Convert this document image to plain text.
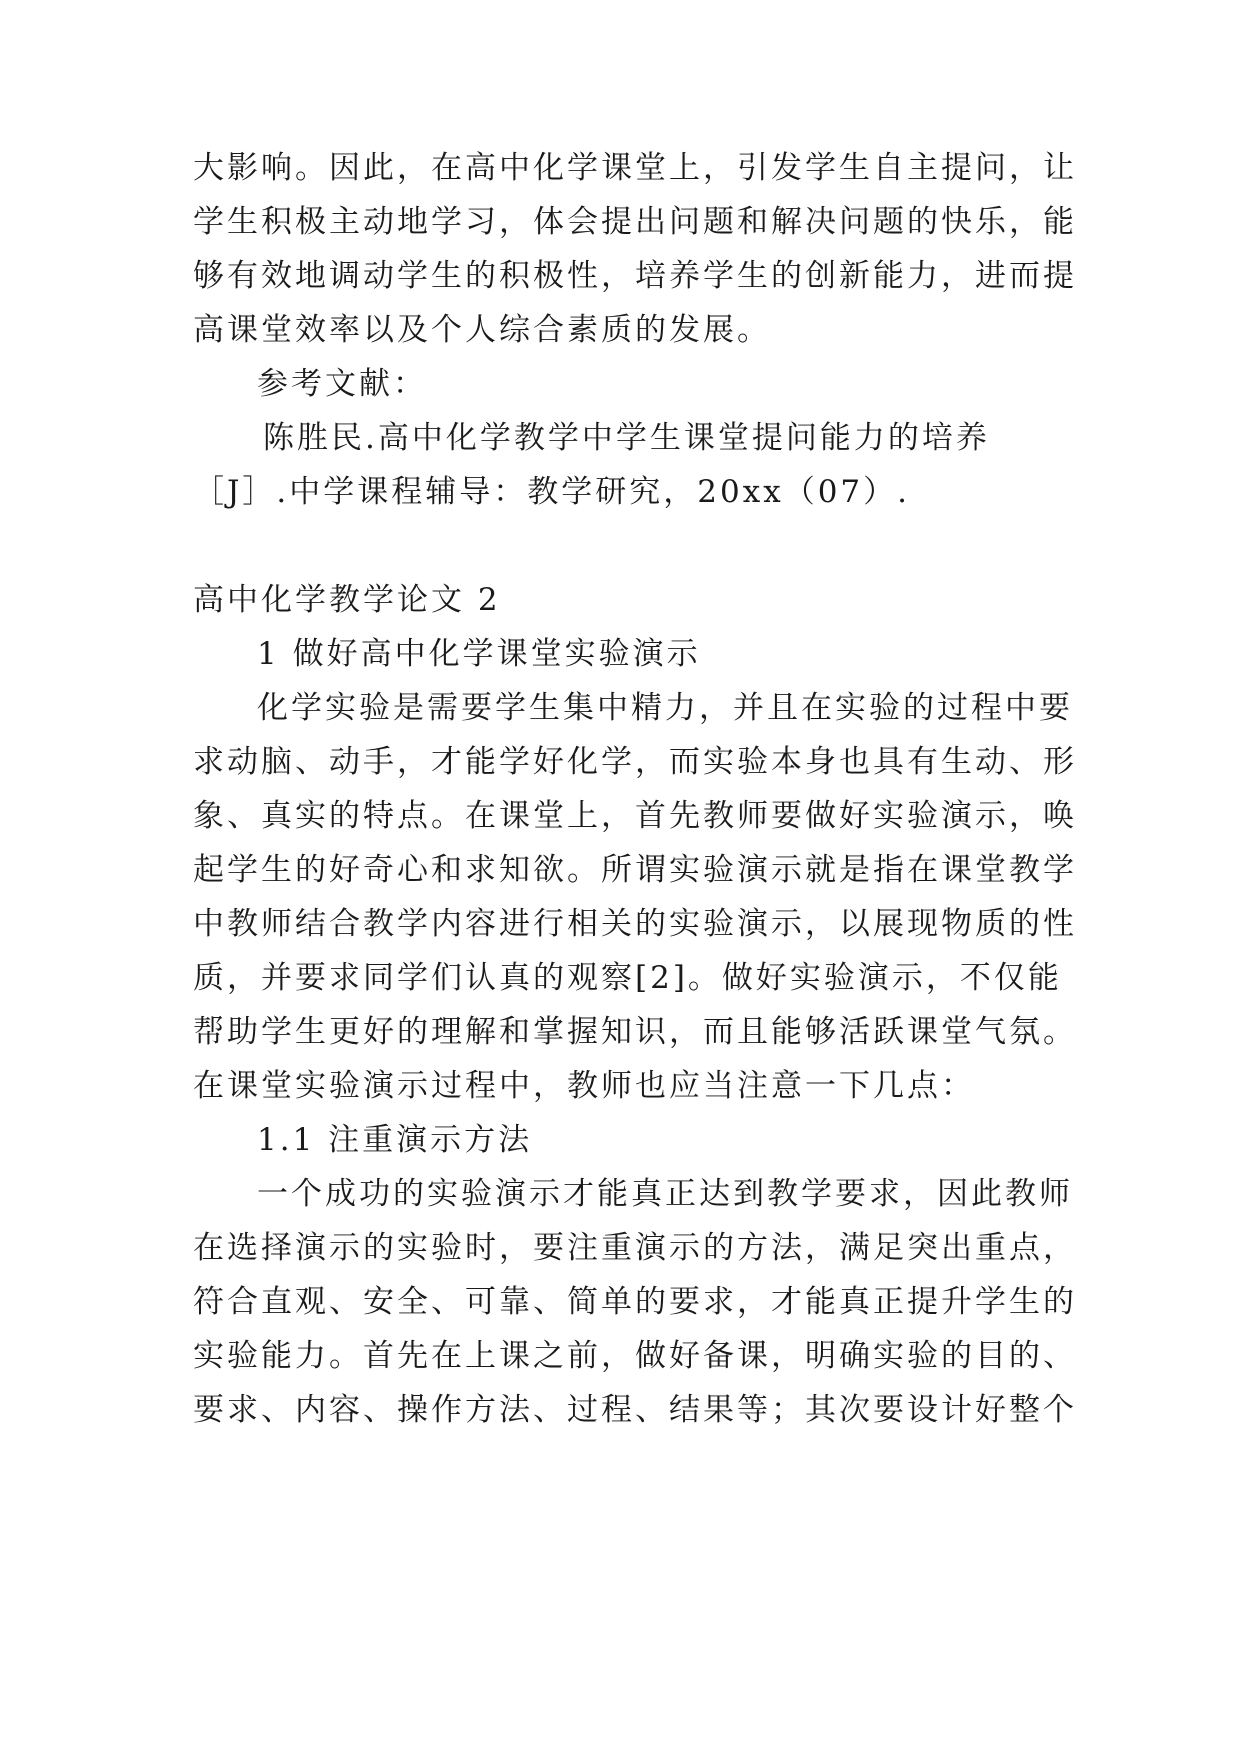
大影响。因此，在高中化学课堂上，引发学生自主提问，让
学生积极主动地学习，体会提出问题和解决问题的快乐，能
够有效地调动学生的积极性，培养学生的创新能力，进而提
高课堂效率以及个人综合素质的发展。
参考文献：
陈胜民.高中化学教学中学生课堂提问能力的培养
［J］.中学课程辅导：教学研究，20xx（07）.
高中化学教学论文 2
1 做好高中化学课堂实验演示
化学实验是需要学生集中精力，并且在实验的过程中要
求动脑、动手，才能学好化学，而实验本身也具有生动、形
象、真实的特点。在课堂上，首先教师要做好实验演示，唤
起学生的好奇心和求知欲。所谓实验演示就是指在课堂教学
中教师结合教学内容进行相关的实验演示，以展现物质的性
质，并要求同学们认真的观察[2]。做好实验演示，不仅能
帮助学生更好的理解和掌握知识，而且能够活跃课堂气氛。
在课堂实验演示过程中，教师也应当注意一下几点：
1.1 注重演示方法
一个成功的实验演示才能真正达到教学要求，因此教师
在选择演示的实验时，要注重演示的方法，满足突出重点，
符合直观、安全、可靠、简单的要求，才能真正提升学生的
实验能力。首先在上课之前，做好备课，明确实验的目的、
要求、内容、操作方法、过程、结果等；其次要设计好整个
